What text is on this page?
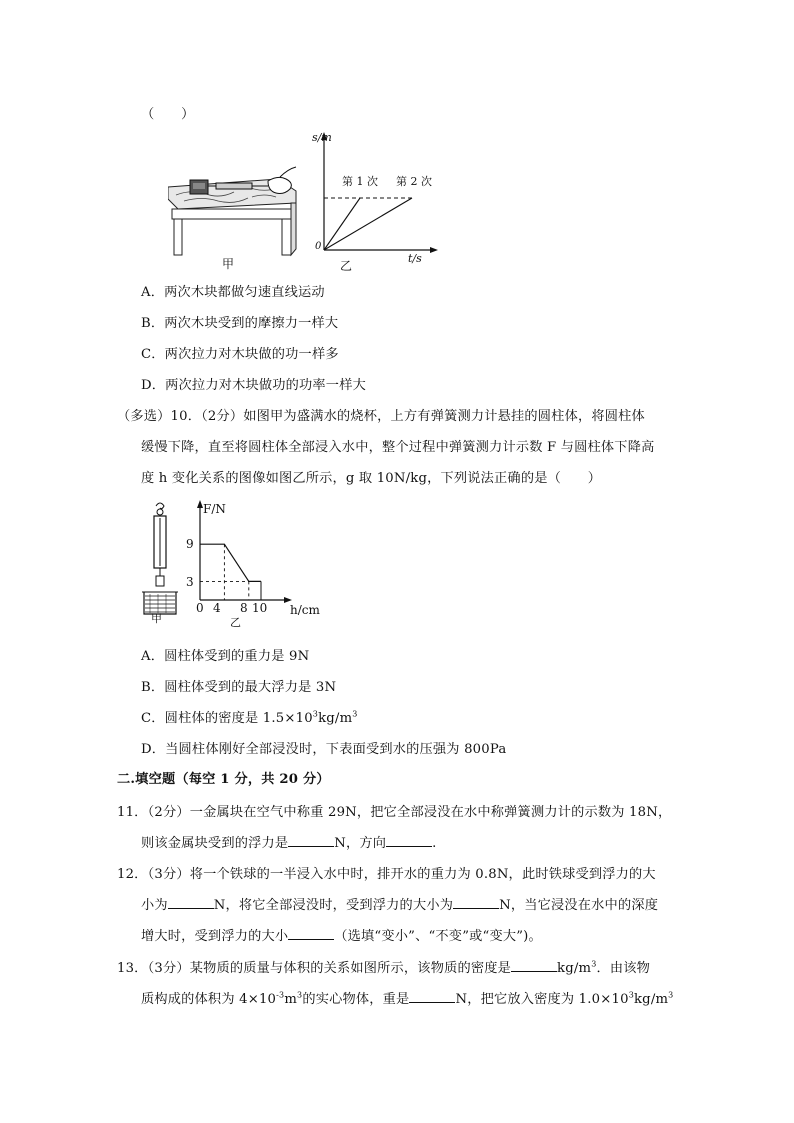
（　　）
甲
s/m
t/s
0
第 1 次 第 2 次
乙
A．两次木块都做匀速直线运动
B．两次木块受到的摩擦力一样大
C．两次拉力对木块做的功一样多
D．两次拉力对木块做功的功率一样大
（多选）10．（2分）如图甲为盛满水的烧杯，上方有弹簧测力计悬挂的圆柱体，将圆柱体
缓慢下降，直至将圆柱体全部浸入水中，整个过程中弹簧测力计示数 F 与圆柱体下降高
度 h 变化关系的图像如图乙所示，g 取 10N/kg，下列说法正确的是（　　）
甲
F/N
h/cm
9
3
0 4 8 10
乙
A．圆柱体受到的重力是 9N
B．圆柱体受到的最大浮力是 3N
C．圆柱体的密度是 $1.5\times 10^3kg/m^3$
D．当圆柱体刚好全部浸没时，下表面受到水的压强为 800Pa
二.填空题（每空 1 分，共 20 分）
11．（2分）一金属块在空气中称重 29N，把它全部浸没在水中称弹簧测力计的示数为 18N，
则该金属块受到的浮力是	N，方向	.
12．（3分）将一个铁球的一半浸入水中时，排开水的重力为 0.8N，此时铁球受到浮力的大
小为	N，将它全部浸没时，受到浮力的大小为	N，当它浸没在水中的深度
增大时，受到浮力的大小	（选填“变小”、“不变”或“变大”)。
13．（3分）某物质的质量与体积的关系如图所示，该物质的密度是	$kg/m^3$．由该物
质构成的体积为 $4\times 10^{-3}m^3$的实心物体，重是	N，把它放入密度为 $1.0\times 10^3kg/m^3$
